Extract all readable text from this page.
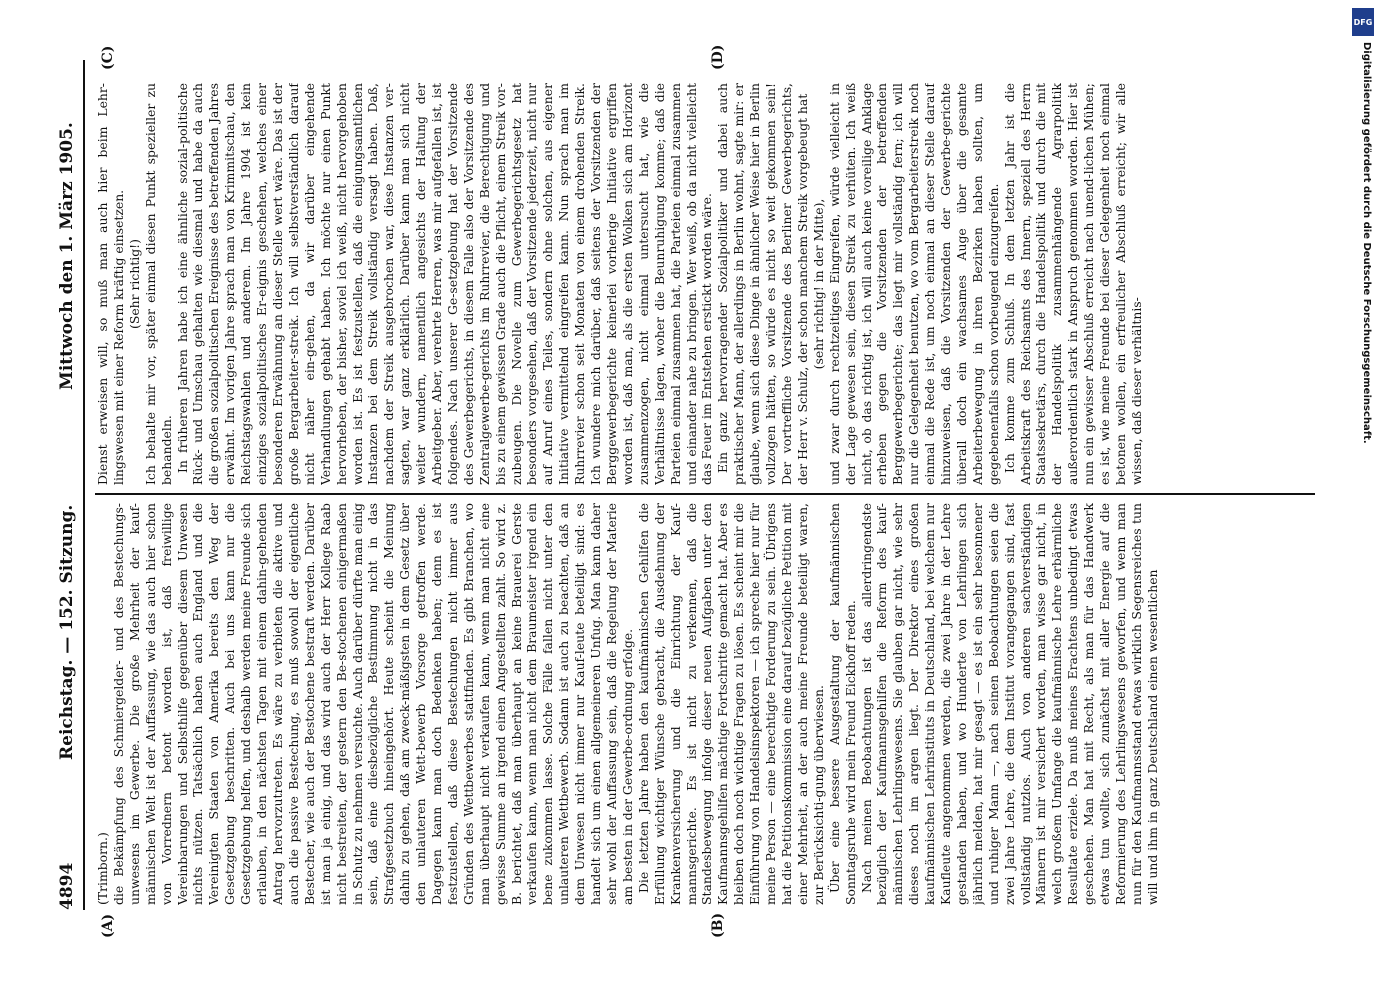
4894
Reichstag. — 152. Sitzung.
Mittwoch den 1. März 1905.
(A)	(B)
(C)	(D)

(Trimborn.) die Bekämpfung des Schmiergelder- und des Bestechungs-unwesens im Gewerbe. Die große Mehrheit der kauf-männischen Welt ist der Auffassung, wie das auch hier schon von Vorrednern betont worden ist, daß freiwillige Vereinbarungen und Selbsthilfe gegenüber diesem Unwesen nichts nützen. Tatsächlich haben auch England und die Vereinigten Staaten von Amerika bereits den Weg der Gesetzgebung beschritten. Auch bei uns kann nur die Gesetzgebung helfen, und deshalb werden meine Freunde sich erlauben, in den nächsten Tagen mit einem dahin-gehenden Antrag hervorzutreten. Es wäre zu verbieten die aktive und auch die passive Bestechung, es muß sowohl der eigentliche Bestecher, wie auch der Bestochene bestraft werden. Darüber ist man ja einig, und das wird auch der Herr Kollege Raab nicht bestreiten, der gestern den Be-stochenen einigermaßen in Schutz zu nehmen versuchte. Auch darüber dürfte man einig sein, daß eine diesbezügliche Bestimmung nicht in das Strafgesetzbuch hineingehört. Heute scheint die Meinung dahin zu gehen, daß am zweck-mäßigsten in dem Gesetz über den unlauteren Wett-bewerb Vorsorge getroffen werde. Dagegen kann man doch Bedenken haben; denn es ist festzustellen, daß diese Bestechungen nicht immer aus Gründen des Wettbewerbes stattfinden. Es gibt Branchen, wo man überhaupt nicht verkaufen kann, wenn man nicht eine gewisse Summe an irgend einen Angestellten zahlt. So wird z. B. berichtet, daß man überhaupt an keine Brauerei Gerste verkaufen kann, wenn man nicht dem Braumeister irgend ein bene zukommen lasse. Solche Fälle fallen nicht unter den unlauteren Wettbewerb. Sodann ist auch zu beachten, daß an dem Unwesen nicht immer nur Kauf-leute beteiligt sind: es handelt sich um einen allgemeineren Unfug. Man kann daher sehr wohl der Auffassung sein, daß die Regelung der Materie am besten in der Gewerbe-ordnung erfolge. Die letzten Jahre haben den kaufmännischen Gehilfen die Erfüllung wichtiger Wünsche gebracht, die Ausdehnung der Krankenversicherung und die Einrichtung der Kauf-mannsgerichte. Es ist nicht zu verkennen, daß die Standesbewegung infolge dieser neuen Aufgaben unter den Kaufmannsgehilfen mächtige Fortschritte gemacht hat. Aber es bleiben doch noch wichtige Fragen zu lösen. Es scheint mir die Einführung von Handelsinspektoren — ich spreche hier nur für meine Person — eine berechtigte Forderung zu sein. Übrigens hat die Petitionskommission eine darauf bezügliche Petition mit einer Mehrheit, an der auch meine Freunde beteiligt waren, zur Berücksichti-gung überwiesen. Über eine bessere Ausgestaltung der kaufmännischen Sonntagsruhe wird mein Freund Eickhoff reden. Nach meinen Beobachtungen ist das allerdringendste bezüglich der Kaufmannsgehilfen die Reform des kauf-männischen Lehrlingswesens. Sie glauben gar nicht, wie sehr dieses noch im argen liegt. Der Direktor eines großen kaufmännischen Lehrinstituts in Deutschland, bei welchem nur Kaufleute angenommen werden, die zwei Jahre in der Lehre gestanden haben, und wo Hunderte von Lehrlingen sich jährlich melden, hat mir gesagt — es ist ein sehr besonnener und ruhiger Mann —, nach seinen Beobachtungen seien die zwei Jahre Lehre, die dem Institut vorangegangen sind, fast vollständig nutzlos. Auch von anderen sachverständigen Männern ist mir versichert worden, man wisse gar nicht, in welch großem Umfange die kaufmännische Lehre erbärmliche Resultate erziele. Da muß meines Erachtens unbedingt etwas geschehen. Man hat mit Recht, als man für das Handwerk etwas tun wollte, sich zunächst mit aller Energie auf die Reformierung des Lehrlingswesens geworfen, und wenn man nun für den Kaufmannsstand etwas wirklich Segensreiches tun will und ihm in ganz Deutschland einen wesentlichen

Dienst erweisen will, so muß man auch hier beim Lehr-lingswesen mit einer Reform kräftig einsetzen. (Sehr richtig!) Ich behalte mir vor, später einmal diesen Punkt spezieller zu behandeln. In früheren Jahren habe ich eine ähnliche sozial-politische Rück- und Umschau gehalten wie diesmal und habe da auch die großen sozialpolitischen Ereignisse des betreffenden Jahres erwähnt. Im vorigen Jahre sprach man von Krimmitschau, den Reichstagswahlen und anderem. Im Jahre 1904 ist kein einziges sozialpolitisches Er-eignis geschehen, welches einer besonderen Erwähnung an dieser Stelle wert wäre. Das ist der große Bergarbeiter-streik. Ich will selbstverständlich darauf nicht näher ein-gehen, da wir darüber eingehende Verhandlungen gehabt haben. Ich möchte nur einen Punkt hervorheben, der bisher, soviel ich weiß, nicht hervorgehoben worden ist. Es ist festzustellen, daß die einigungsamtlichen Instanzen bei dem Streik vollständig versagt haben. Daß, nachdem der Streik ausgebrochen war, diese Instanzen ver-sagten, war ganz erklärlich. Darüber kann man sich nicht weiter wundern, namentlich angesichts der Haltung der Arbeitgeber. Aber, verehrte Herren, was mir aufgefallen ist, ist folgendes. Nach unserer Ge-setzgebung hat der Vorsitzende des Gewerbegerichts, in diesem Falle also der Vorsitzende des Zentralgewerbe-gerichts im Ruhrrevier, die Berechtigung und bis zu einem gewissen Grade auch die Pflicht, einem Streik vor-zubeugen. Die Novelle zum Gewerbegerichtsgesetz hat besonders vorgesehen, daß der Vorsitzende jederzeit, nicht nur auf Anruf eines Teiles, sondern ohne solchen, aus eigener Initiative vermittelnd eingreifen kann. Nun sprach man im Ruhrrevier schon seit Monaten von einem drohenden Streik. Ich wundere mich darüber, daß seitens der Vorsitzenden der Berggewerbegerichte keinerlei vorherige Initiative ergriffen worden ist, daß man, als die ersten Wolken sich am Horizont zusammenzogen, nicht einmal untersucht hat, wie die Verhältnisse lagen, woher die Beunruhigung komme; daß die Parteien einmal zusammen hat, die Parteien einmal zusammen und einander nahe zu bringen. Wer weiß, ob da nicht vielleicht das Feuer im Entstehen erstickt worden wäre. Ein ganz hervorragender Sozialpolitiker und dabei auch praktischer Mann, der allerdings in Berlin wohnt, sagte mir: er glaube, wenn sich diese Dinge in ähnlicher Weise hier in Berlin vollzogen hätten, so würde es nicht so weit gekommen sein! Der vortreffliche Vorsitzende des Berliner Gewerbegerichts, der Herr v. Schulz, der schon manchem Streik vorgebeugt hat (sehr richtig! in der Mitte), und zwar durch rechtzeitiges Eingreifen, würde vielleicht in der Lage gewesen sein, diesen Streik zu verhüten. Ich weiß nicht, ob das richtig ist, ich will auch keine voreilige Anklage erheben gegen die Vorsitzenden der betreffenden Berggewerbegerichte; das liegt mir vollständig fern; ich will nur die Gelegenheit benutzen, wo vom Bergarbeiterstreik noch einmal die Rede ist, um noch einmal an dieser Stelle darauf hinzuweisen, daß die Vorsitzenden der Gewerbe-gerichte überall doch ein wachsames Auge über die gesamte Arbeiterbewegung in ihren Bezirken haben sollten, um gegebenenfalls schon vorbeugend einzugreifen. Ich komme zum Schluß. In dem letzten Jahr ist die Arbeitskraft des Reichsamts des Innern, speziell des Herrn Staatssekretärs, durch die Handelspolitik und durch die mit der Handelspolitik zusammenhängende Agrarpolitik außerordentlich stark in Anspruch genommen worden. Hier ist nun ein gewisser Abschluß erreicht nach unend-lichen Mühen; es ist, wie meine Freunde bei dieser Gelegenheit noch einmal betonen wollen, ein erfreulicher Abschluß erreicht; wir alle wissen, daß dieser verhältnis-

DFG
Digitalisierung gefördert durch die Deutsche Forschungsgemeinschaft.
